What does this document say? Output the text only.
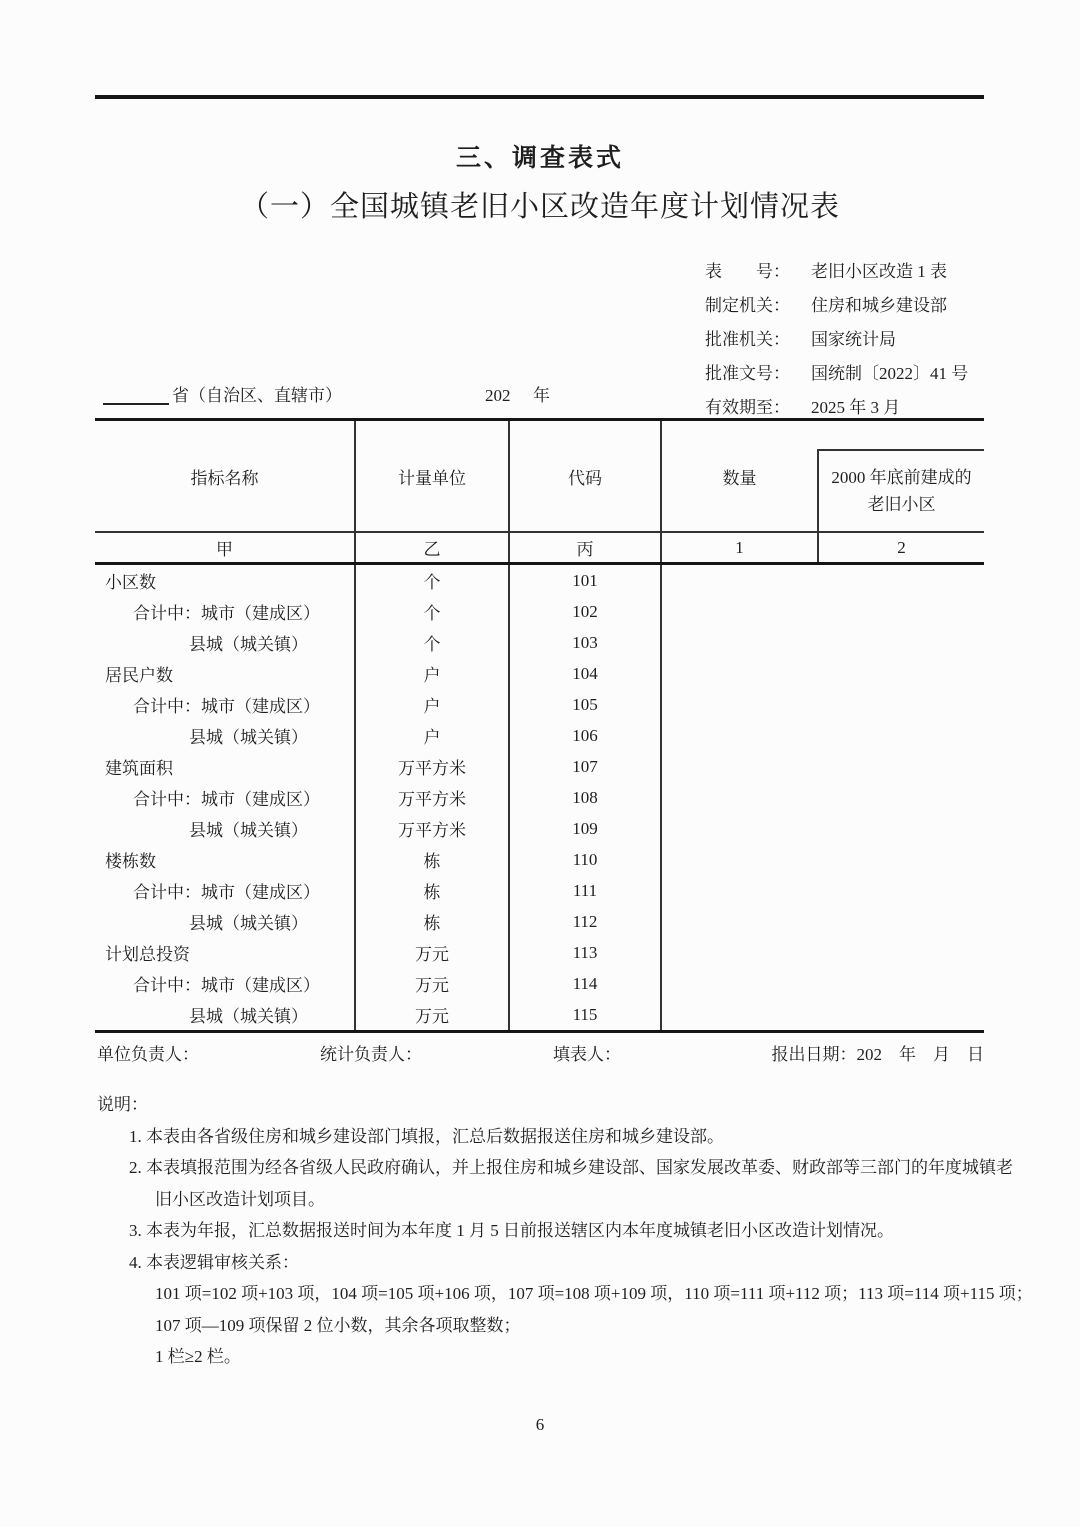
三、调查表式
（一）全国城镇老旧小区改造年度计划情况表
表　　号：	老旧小区改造 1 表
制定机关：	住房和城乡建设部
批准机关：	国家统计局
批准文号：	国统制〔2022〕41 号
有效期至：	2025 年 3 月
省（自治区、直辖市）	202 年
指标名称	计量单位	代码	数量	2000 年底前建成的
老旧小区
甲	乙	丙	1	2
小区数	个	101
合计中：城市（建成区）	个	102
县城（城关镇）	个	103
居民户数	户	104
合计中：城市（建成区）	户	105
县城（城关镇）	户	106
建筑面积	万平方米	107
合计中：城市（建成区）	万平方米	108
县城（城关镇）	万平方米	109
楼栋数	栋	110
合计中：城市（建成区）	栋	111
县城（城关镇）	栋	112
计划总投资	万元	113
合计中：城市（建成区）	万元	114
县城（城关镇）	万元	115
单位负责人：	统计负责人：	填表人：	报出日期：202　年　月　日
说明：
1. 本表由各省级住房和城乡建设部门填报，汇总后数据报送住房和城乡建设部。
2. 本表填报范围为经各省级人民政府确认，并上报住房和城乡建设部、国家发展改革委、财政部等三部门的年度城镇老
旧小区改造计划项目。
3. 本表为年报，汇总数据报送时间为本年度 1 月 5 日前报送辖区内本年度城镇老旧小区改造计划情况。
4. 本表逻辑审核关系：
101 项=102 项+103 项，104 项=105 项+106 项，107 项=108 项+109 项，110 项=111 项+112 项；113 项=114 项+115 项；
107 项—109 项保留 2 位小数，其余各项取整数；
1 栏≥2 栏。
6
